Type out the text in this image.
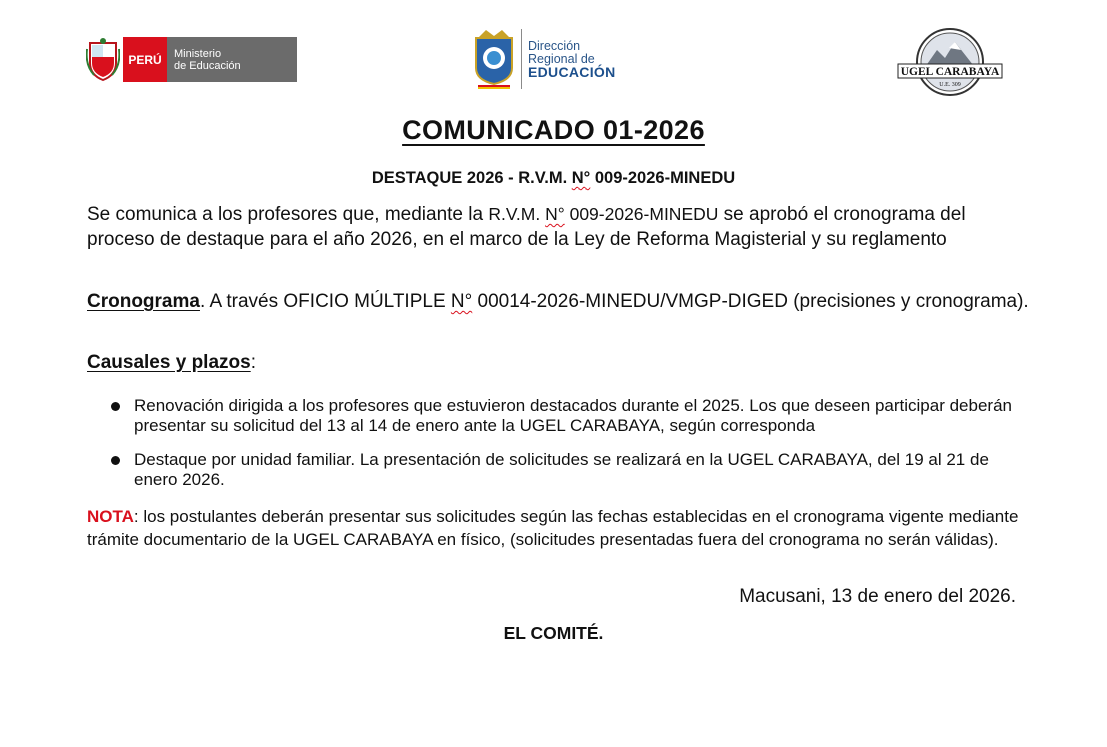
PERÚ	Ministerio
de Educación
Dirección
Regional de
EDUCACIÓN	UGEL CARABAYA
U.E. 309
COMUNICADO 01-2026
DESTAQUE 2026 - R.V.M. N° 009-2026-MINEDU
Se comunica a los profesores que, mediante la R.V.M. N° 009-2026-MINEDU se aprobó el cronograma del proceso de destaque para el año 2026, en el marco de la Ley de Reforma Magisterial y su reglamento
Cronograma. A través OFICIO MÚLTIPLE N° 00014-2026-MINEDU/VMGP-DIGED (precisiones y cronograma).
Causales y plazos:
Renovación dirigida a los profesores que estuvieron destacados durante el 2025. Los que deseen participar deberán presentar su solicitud del 13 al 14 de enero ante la UGEL CARABAYA, según corresponda
Destaque por unidad familiar. La presentación de solicitudes se realizará en la UGEL CARABAYA, del 19 al 21 de enero 2026.
NOTA: los postulantes deberán presentar sus solicitudes según las fechas establecidas en el cronograma vigente mediante trámite documentario de la UGEL CARABAYA en físico, (solicitudes presentadas fuera del cronograma no serán válidas).
Macusani, 13 de enero del 2026.
EL COMITÉ.
